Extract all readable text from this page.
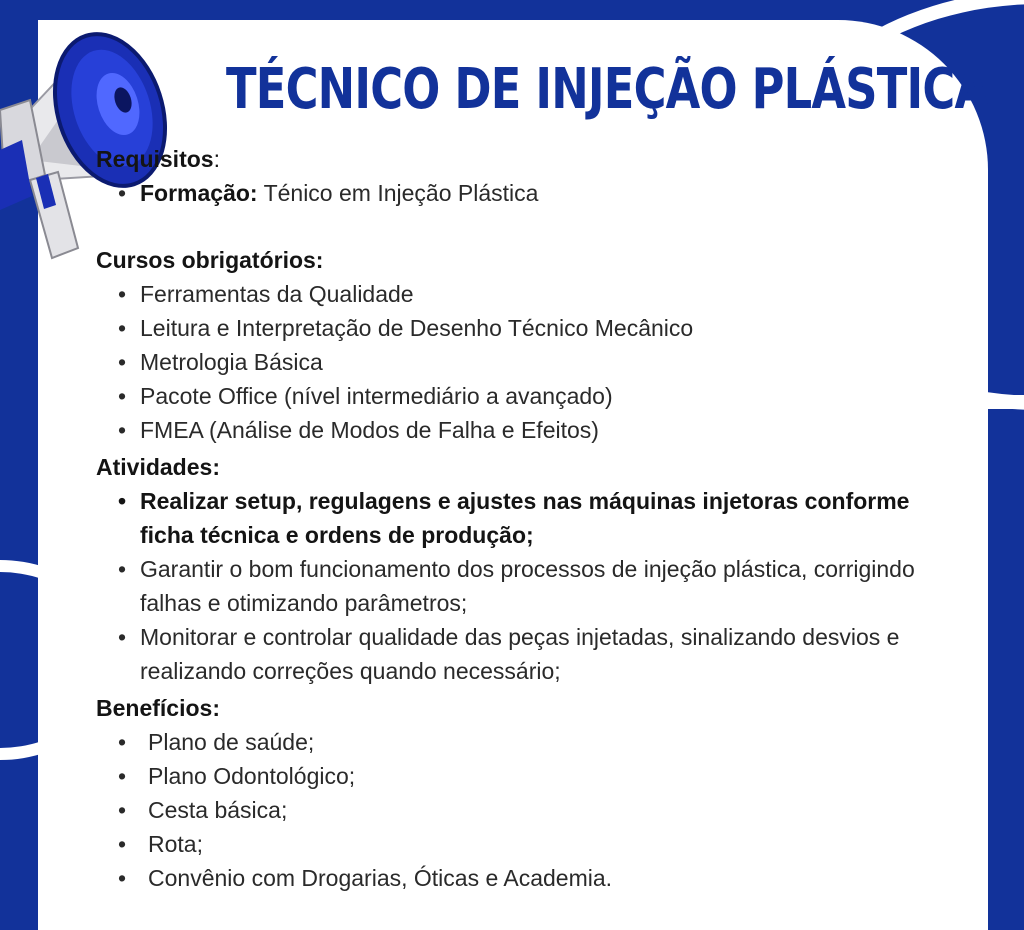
TÉCNICO DE INJEÇÃO PLÁSTICA

Requisitos:

• Formação: Ténico em Injeção Plástica

Cursos obrigatórios:

• Ferramentas da Qualidade
• Leitura e Interpretação de Desenho Técnico Mecânico
• Metrologia Básica
• Pacote Office (nível intermediário a avançado)
• FMEA (Análise de Modos de Falha e Efeitos)

Atividades:

• Realizar setup, regulagens e ajustes nas máquinas injetoras conforme ficha técnica e ordens de produção;
• Garantir o bom funcionamento dos processos de injeção plástica, corrigindo falhas e otimizando parâmetros;
• Monitorar e controlar qualidade das peças injetadas, sinalizando desvios e realizando correções quando necessário;

Benefícios:

• Plano de saúde;
• Plano Odontológico;
• Cesta básica;
• Rota;
• Convênio com Drogarias, Óticas e Academia.
